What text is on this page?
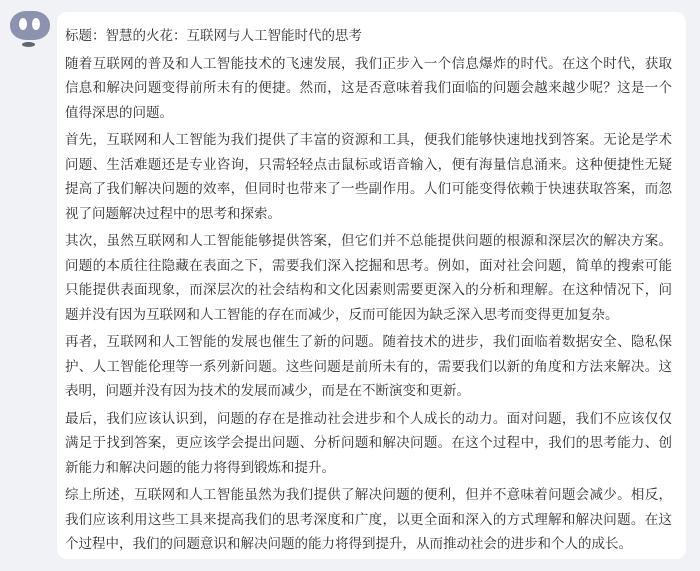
标题：智慧的火花：互联网与人工智能时代的思考

随着互联网的普及和人工智能技术的飞速发展，我们正步入一个信息爆炸的时代。在这个时代，获取信息和解决问题变得前所未有的便捷。然而，这是否意味着我们面临的问题会越来越少呢？这是一个值得深思的问题。

首先，互联网和人工智能为我们提供了丰富的资源和工具，便我们能够快速地找到答案。无论是学术问题、生活难题还是专业咨询，只需轻轻点击鼠标或语音输入，便有海量信息涌来。这种便捷性无疑提高了我们解决问题的效率，但同时也带来了一些副作用。人们可能变得依赖于快速获取答案，而忽视了问题解决过程中的思考和探索。

其次，虽然互联网和人工智能能够提供答案，但它们并不总能提供问题的根源和深层次的解决方案。问题的本质往往隐藏在表面之下，需要我们深入挖掘和思考。例如，面对社会问题，简单的搜索可能只能提供表面现象，而深层次的社会结构和文化因素则需要更深入的分析和理解。在这种情况下，问题并没有因为互联网和人工智能的存在而减少，反而可能因为缺乏深入思考而变得更加复杂。

再者，互联网和人工智能的发展也催生了新的问题。随着技术的进步，我们面临着数据安全、隐私保护、人工智能伦理等一系列新问题。这些问题是前所未有的，需要我们以新的角度和方法来解决。这表明，问题并没有因为技术的发展而减少，而是在不断演变和更新。

最后，我们应该认识到，问题的存在是推动社会进步和个人成长的动力。面对问题，我们不应该仅仅满足于找到答案，更应该学会提出问题、分析问题和解决问题。在这个过程中，我们的思考能力、创新能力和解决问题的能力将得到锻炼和提升。

综上所述，互联网和人工智能虽然为我们提供了解决问题的便利，但并不意味着问题会减少。相反，我们应该利用这些工具来提高我们的思考深度和广度，以更全面和深入的方式理解和解决问题。在这个过程中，我们的问题意识和解决问题的能力将得到提升，从而推动社会的进步和个人的成长。
